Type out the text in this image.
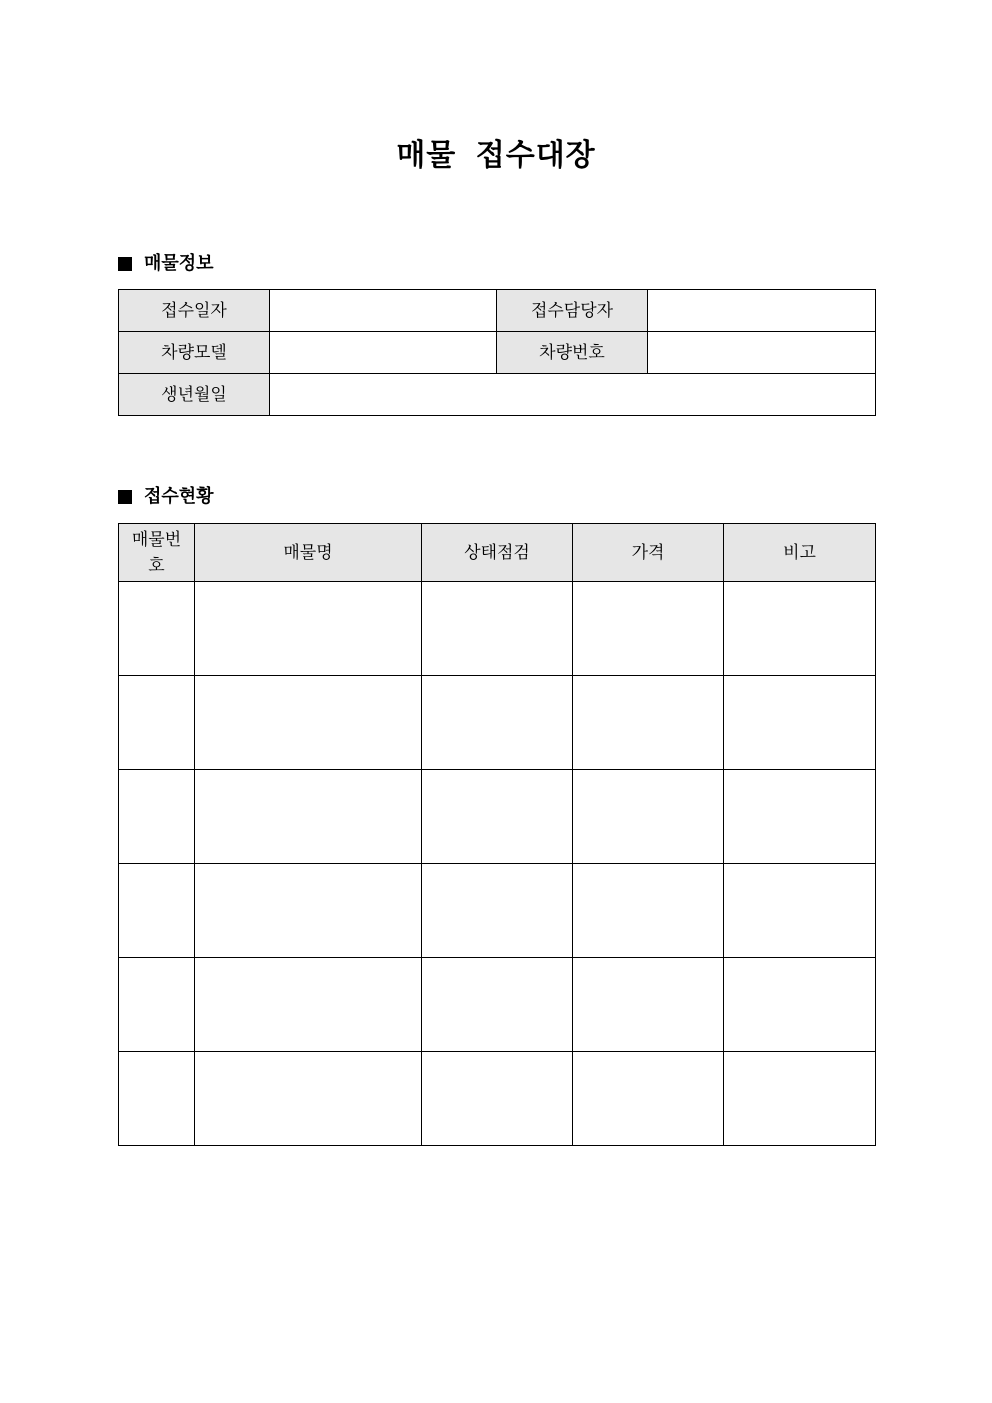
매물 접수대장
매물정보
접수일자		접수담당자	
차량모델		차량번호	
생년월일			
접수현황
매물번호	매물명	상태점검	가격	비고
